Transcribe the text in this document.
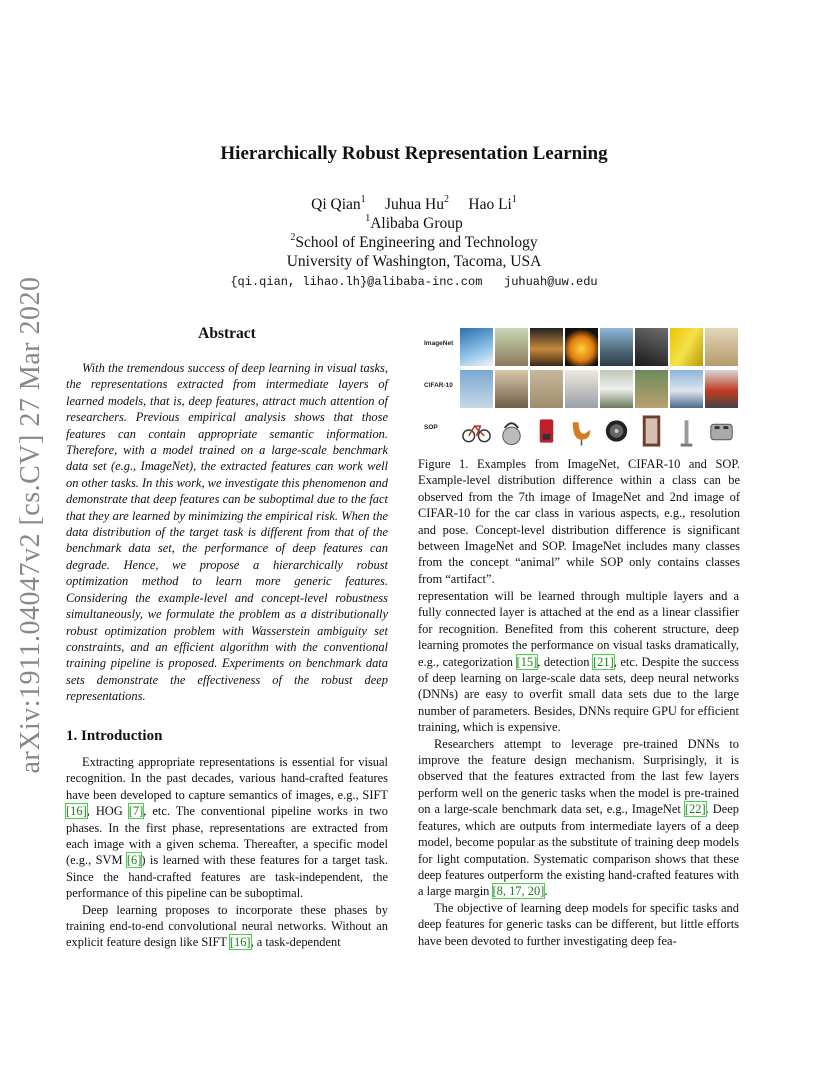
Hierarchically Robust Representation Learning
Qi Qian$^1$ Juhua Hu$^2$ Hao Li$^1$
$^1$Alibaba Group
$^2$School of Engineering and Technology
University of Washington, Tacoma, USA
{qi.qian, lihao.lh}@alibaba-inc.com   juhuah@uw.edu
arXiv:1911.04047v2 [cs.CV] 27 Mar 2020	Abstract

With the tremendous success of deep learning in visual tasks, the representations extracted from intermediate layers of learned models, that is, deep features, attract much attention of researchers. Previous empirical analysis shows that those features can contain appropriate semantic information. Therefore, with a model trained on a large-scale benchmark data set (e.g., ImageNet), the extracted features can work well on other tasks. In this work, we investigate this phenomenon and demonstrate that deep features can be suboptimal due to the fact that they are learned by minimizing the empirical risk. When the data distribution of the target task is different from that of the benchmark data set, the performance of deep features can degrade. Hence, we propose a hierarchically robust optimization method to learn more generic features. Considering the example-level and concept-level robustness simultaneously, we formulate the problem as a distributionally robust optimization problem with Wasserstein ambiguity set constraints, and an efficient algorithm with the conventional training pipeline is proposed. Experiments on benchmark data sets demonstrate the effectiveness of the robust deep representations.

1. Introduction

Extracting appropriate representations is essential for visual recognition. In the past decades, various hand-crafted features have been developed to capture semantics of images, e.g., SIFT [16], HOG [7], etc. The conventional pipeline works in two phases. In the first phase, representations are extracted from each image with a given schema. Thereafter, a specific model (e.g., SVM [6]) is learned with these features for a target task. Since the hand-crafted features are task-independent, the performance of this pipeline can be suboptimal.

Deep learning proposes to incorporate these phases by training end-to-end convolutional neural networks. Without an explicit feature design like SIFT [16], a task-dependent

ImageNet
CIFAR-10
SOP
Figure 1. Examples from ImageNet, CIFAR-10 and SOP. Example-level distribution difference within a class can be observed from the 7th image of ImageNet and 2nd image of CIFAR-10 for the car class in various aspects, e.g., resolution and pose. Concept-level distribution difference is significant between ImageNet and SOP. ImageNet includes many classes from the concept “animal” while SOP only contains classes from “artifact”.

representation will be learned through multiple layers and a fully connected layer is attached at the end as a linear classifier for recognition. Benefited from this coherent structure, deep learning promotes the performance on visual tasks dramatically, e.g., categorization [15], detection [21], etc. Despite the success of deep learning on large-scale data sets, deep neural networks (DNNs) are easy to overfit small data sets due to the large number of parameters. Besides, DNNs require GPU for efficient training, which is expensive.

Researchers attempt to leverage pre-trained DNNs to improve the feature design mechanism. Surprisingly, it is observed that the features extracted from the last few layers perform well on the generic tasks when the model is pre-trained on a large-scale benchmark data set, e.g., ImageNet [22]. Deep features, which are outputs from intermediate layers of a deep model, become popular as the substitute of training deep models for light computation. Systematic comparison shows that these deep features outperform the existing hand-crafted features with a large margin [8, 17, 20].

The objective of learning deep models for specific tasks and deep features for generic tasks can be different, but little efforts have been devoted to further investigating deep fea-
